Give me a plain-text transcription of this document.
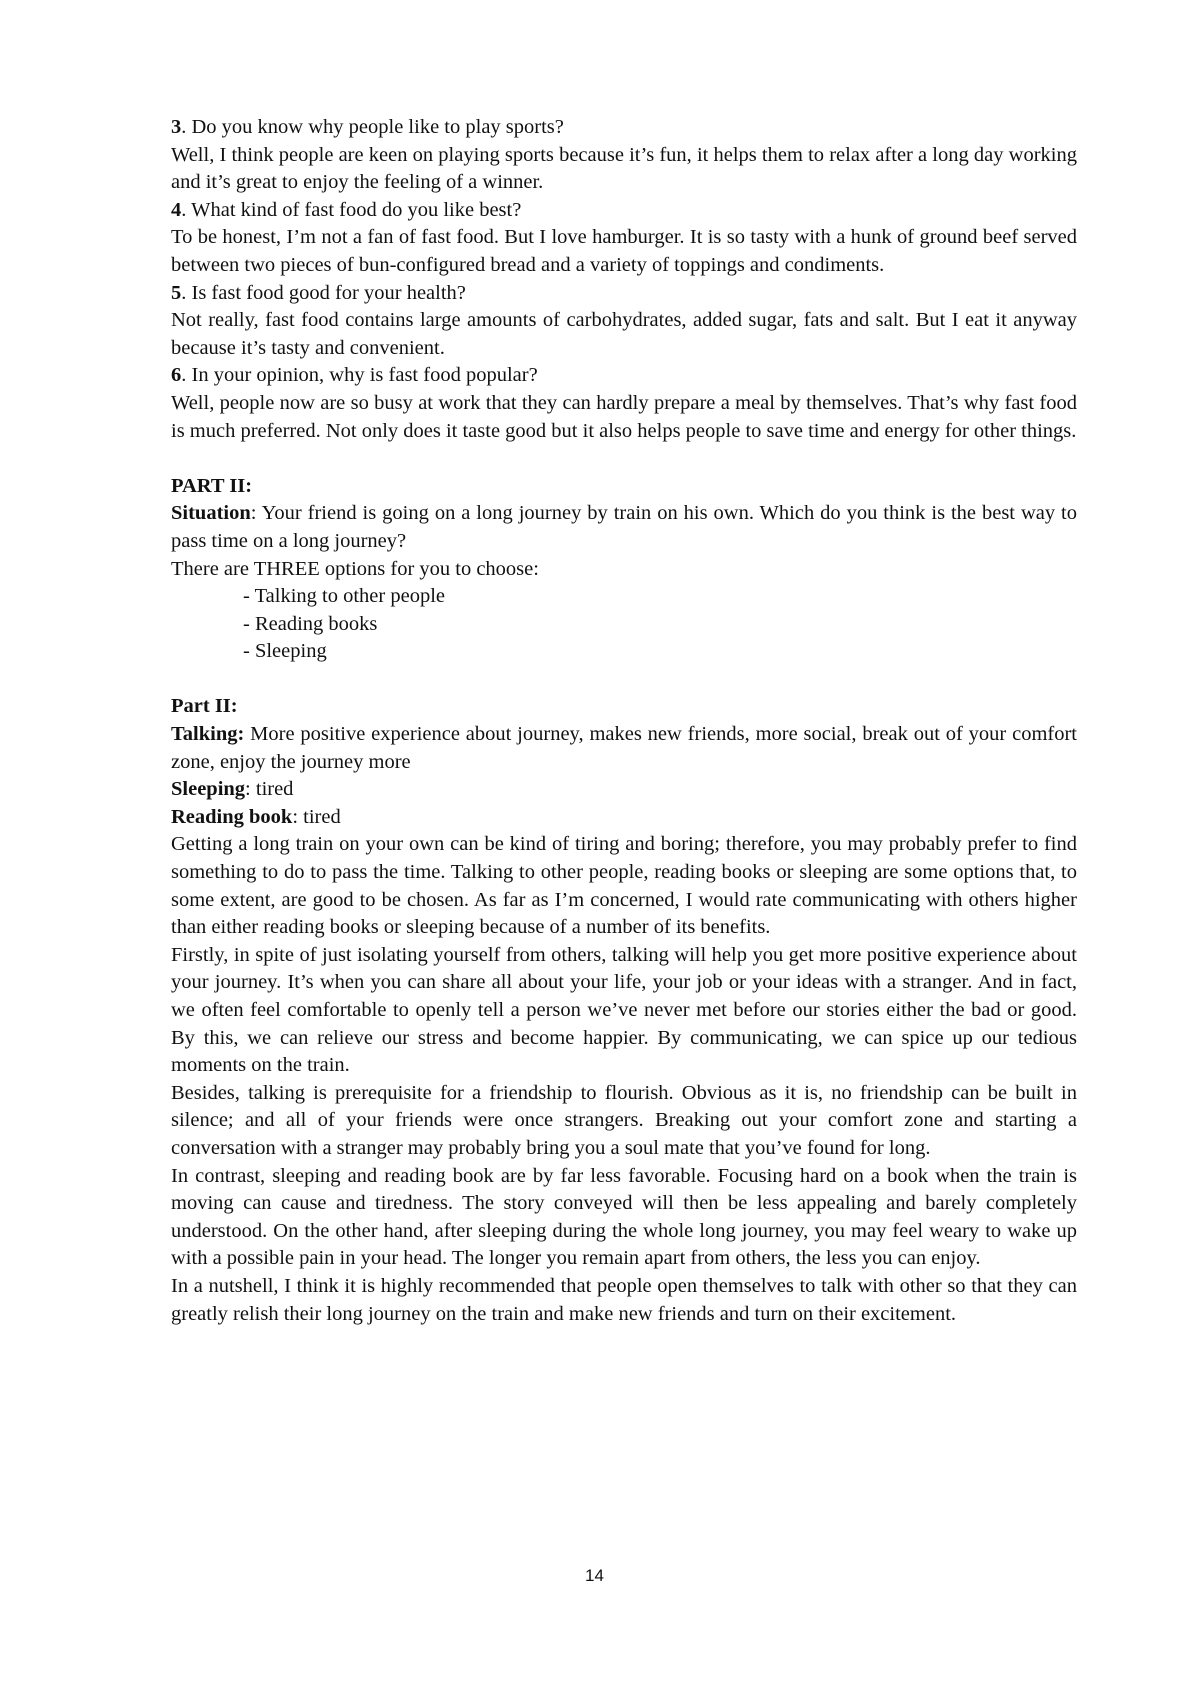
3. Do you know why people like to play sports?

Well, I think people are keen on playing sports because it’s fun, it helps them to relax after a long day working and it’s great to enjoy the feeling of a winner.

4. What kind of fast food do you like best?

To be honest, I’m not a fan of fast food. But I love hamburger. It is so tasty with a hunk of ground beef served between two pieces of bun-configured bread and a variety of toppings and condiments.

5. Is fast food good for your health?

Not really, fast food contains large amounts of carbohydrates, added sugar, fats and salt. But I eat it anyway because it’s tasty and convenient.

6. In your opinion, why is fast food popular?

Well, people now are so busy at work that they can hardly prepare a meal by themselves. That’s why fast food is much preferred. Not only does it taste good but it also helps people to save time and energy for other things.

PART II:

Situation: Your friend is going on a long journey by train on his own. Which do you think is the best way to pass time on a long journey?

There are THREE options for you to choose:

- Talking to other people
- Reading books
- Sleeping

Part II:

Talking: More positive experience about journey, makes new friends, more social, break out of your comfort zone, enjoy the journey more

Sleeping: tired

Reading book: tired

Getting a long train on your own can be kind of tiring and boring; therefore, you may probably prefer to find something to do to pass the time. Talking to other people, reading books or sleeping are some options that, to some extent, are good to be chosen. As far as I’m concerned, I would rate communicating with others higher than either reading books or sleeping because of a number of its benefits.

Firstly, in spite of just isolating yourself from others, talking will help you get more positive experience about your journey. It’s when you can share all about your life, your job or your ideas with a stranger. And in fact, we often feel comfortable to openly tell a person we’ve never met before our stories either the bad or good. By this, we can relieve our stress and become happier. By communicating, we can spice up our tedious moments on the train.

Besides, talking is prerequisite for a friendship to flourish. Obvious as it is, no friendship can be built in silence; and all of your friends were once strangers. Breaking out your comfort zone and starting a conversation with a stranger may probably bring you a soul mate that you’ve found for long.

In contrast, sleeping and reading book are by far less favorable. Focusing hard on a book when the train is moving can cause and tiredness. The story conveyed will then be less appealing and barely completely understood. On the other hand, after sleeping during the whole long journey, you may feel weary to wake up with a possible pain in your head. The longer you remain apart from others, the less you can enjoy.

In a nutshell, I think it is highly recommended that people open themselves to talk with other so that they can greatly relish their long journey on the train and make new friends and turn on their excitement.

14
